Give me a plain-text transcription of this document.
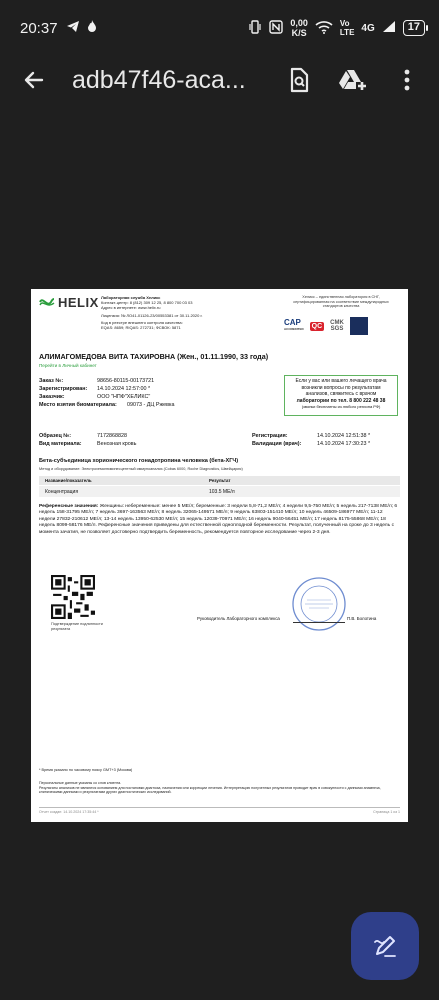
20:37	0,00
K/S
Vo
LTE 4G	17
adb47f46-aca...
HELIX Лабораторная служба Хеликс
Контакт-центр: 8 (812) 309 12 25, 8 800 700 03 03
Адрес в интернете: www.helix.ru
Лицензия: № ЛО41-01126-23/00553381 от 30.11.2020 г.
Код в реестре внешнего контроля качества:
EQAS: 8659; RIQAS: 272731; ФСВОК: 5871
Хеликс – единственная лаборатория в СНГ,
сертифицированная на соответствие международных
стандартов качества
CAP
ACCREDITED QC	CMK
SGS
АЛИМАГОМЕДОВА ВИТА ТАХИРОВНА (Жен., 01.11.1990, 33 года)
Перейти в Личный кабинет
Заказ №:	98656-80115-00173721
Зарегистрирован:	14.10.2024 12:57:00 *
Заказчик:	ООО "НПФ"ХЕЛИКС"
Место взятия биоматериала:	09073 - ДЦ Ржевка
Если у вас или вашего лечащего врача
возникли вопросы по результатам
анализов, свяжитесь с врачом
лаборатории по тел. 8 800 222 48 38
(звонки бесплатны из любого региона РФ)
Образец №:	7172868828	Регистрация:	14.10.2024 12:51:38 *
Вид материала:	Венозная кровь	Валидация (врач):	14.10.2024 17:30:23 *
Бета-субъединица хорионического гонадотропина человека (бета-ХГЧ)
Метод и оборудование: Электрохемилюминесцентный иммуноанализ (Cobas 6000, Roche Diagnostics, Швейцария)
Название/показатель	Результат
Концентрация	103.5 МЕ/л
Референсные значения: Женщины: небеременные: менее 5 МЕ/л; беременные: 3 недели 5,8-71,2 МЕ/л; 4 недели 9,5-750 МЕ/л; 5 недель 217-7138 МЕ/л; 6 недель 158-31795 МЕ/л; 7 недель 3697-163563 МЕ/л; 8 недель 32065-149571 МЕ/л; 9 недель 63803-151410 МЕ/л; 10 недель 46509-186977 МЕ/л; 11-12 недели 27832-210612 МЕ/л; 13-14 недель 13950-62530 МЕ/л; 15 недель 12039-70971 МЕ/л; 16 недель 9040-56451 МЕ/л; 17 недель 8175-55868 МЕ/л; 18 недель 8099-58176 МЕ/л. Референсные значения приведены для естественной одноплодной беременности. Результат, полученный на сроке до 3 недель с момента зачатия, не позволяет достоверно подтвердить беременность, рекомендуется повторное исследование через 2-3 дня.
Подтверждение подлинности результата
Руководитель Лабораторного комплекса	П.В. Болотина
* Время указано по часовому поясу GMT+3 (Москва)
Персональные данные указаны со слов клиента.
Результаты анализов не являются основанием для постановки диагноза, назначения или коррекции лечения. Интерпретацию полученных результатов проводит врач в совокупности с данными анамнеза, клиническими данными и результатами других диагностических исследований.
Отчет создан: 14.10.2024 17:35:44 *	Страница 1 из 1
